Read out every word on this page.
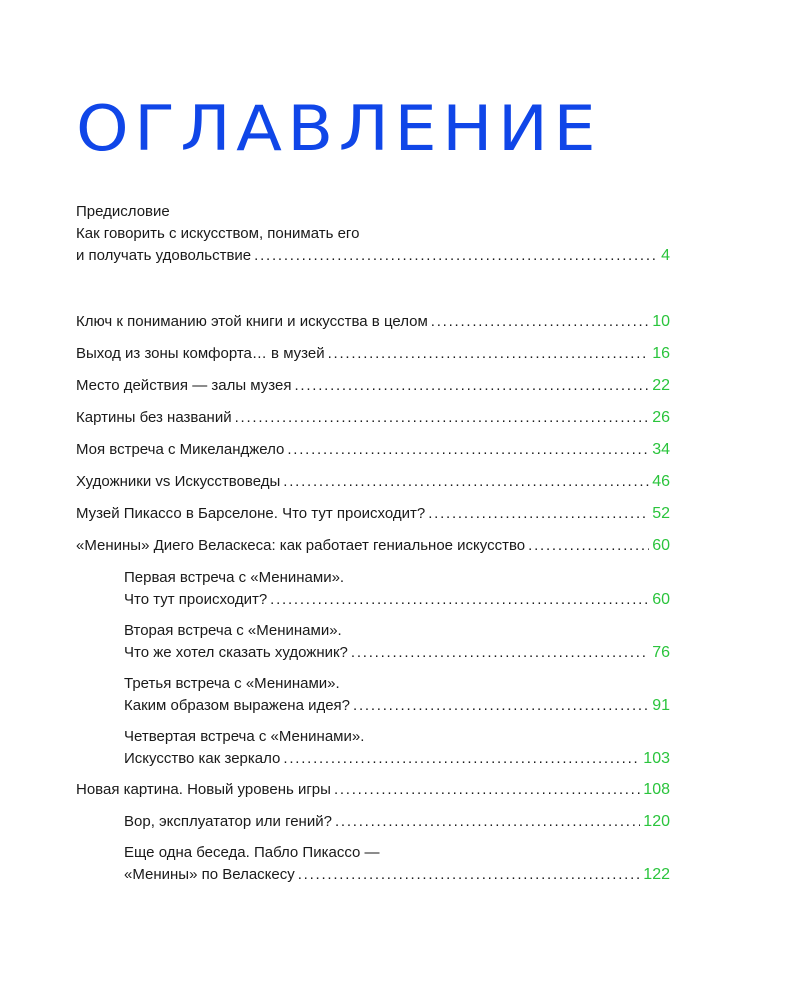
ОГЛАВЛЕНИЕ
Предисловие
Как говорить с искусством, понимать его
и получать удовольствие . . .	4
Ключ к пониманию этой книги и искусства в целом . . .	10
Выход из зоны комфорта… в музей . . .	16
Место действия — залы музея . . .	22
Картины без названий . . .	26
Моя встреча с Микеланджело . . .	34
Художники vs Искусствоведы . . .	46
Музей Пикассо в Барселоне. Что тут происходит? . . .	52
«Менины» Диего Веласкеса: как работает гениальное искусство . . .	60
Первая встреча с «Менинами».
Что тут происходит? . . .	60
Вторая встреча с «Менинами».
Что же хотел сказать художник? . . .	76
Третья встреча с «Менинами».
Каким образом выражена идея? . . .	91
Четвертая встреча с «Менинами».
Искусство как зеркало . . .	103
Новая картина. Новый уровень игры . . .	108
Вор, эксплуататор или гений? . . .	120
Еще одна беседа. Пабло Пикассо —
«Менины» по Веласкесу . . .	122
